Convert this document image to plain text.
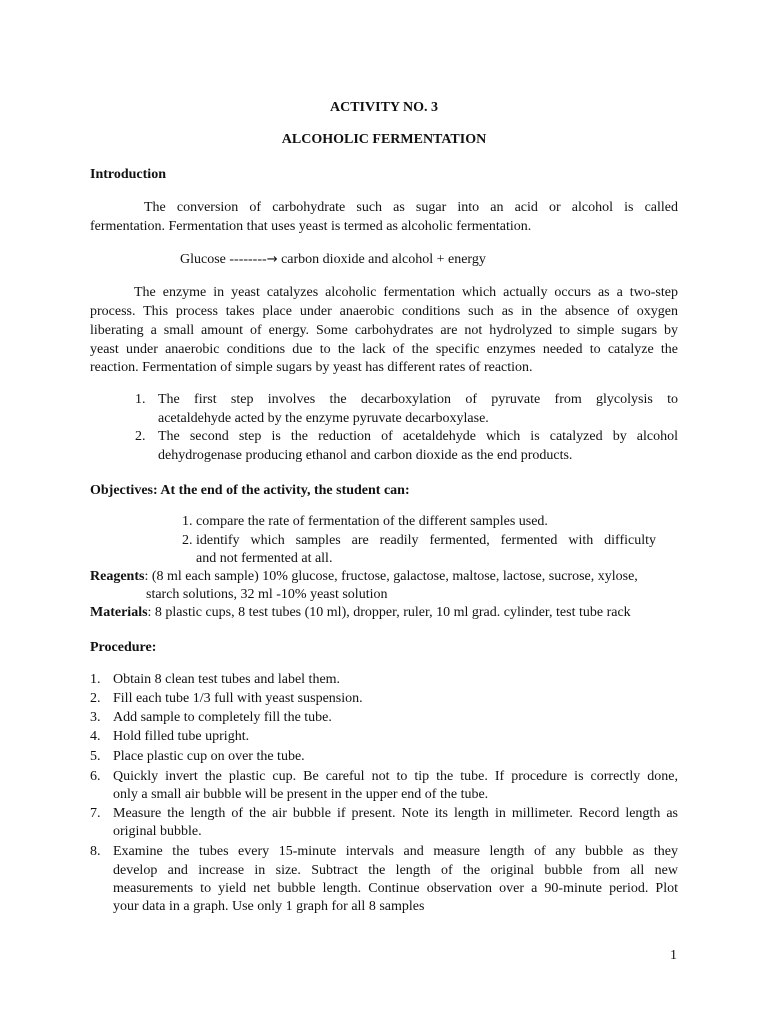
ACTIVITY NO. 3
ALCOHOLIC FERMENTATION
Introduction
The conversion of carbohydrate such as sugar into an acid or alcohol is called
fermentation. Fermentation that uses yeast is termed as alcoholic fermentation.
Glucose --------→ carbon dioxide and alcohol + energy
The enzyme in yeast catalyzes alcoholic fermentation which actually occurs as a two-step
process. This process takes place under anaerobic conditions such as in the absence of oxygen
liberating a small amount of energy. Some carbohydrates are not hydrolyzed to simple sugars by
yeast under anaerobic conditions due to the lack of the specific enzymes needed to catalyze the
reaction. Fermentation of simple sugars by yeast has different rates of reaction.
1. The first step involves the decarboxylation of pyruvate from glycolysis to
acetaldehyde acted by the enzyme pyruvate decarboxylase.
2. The second step is the reduction of acetaldehyde which is catalyzed by alcohol
dehydrogenase producing ethanol and carbon dioxide as the end products.
Objectives: At the end of the activity, the student can:
1. compare the rate of fermentation of the different samples used.
2. identify which samples are readily fermented, fermented with difficulty
and not fermented at all.
Reagents: (8 ml each sample) 10% glucose, fructose, galactose, maltose, lactose, sucrose, xylose,
starch solutions, 32 ml -10% yeast solution
Materials: 8 plastic cups, 8 test tubes (10 ml), dropper, ruler, 10 ml grad. cylinder, test tube rack
Procedure:
1. Obtain 8 clean test tubes and label them.
2. Fill each tube 1/3 full with yeast suspension.
3. Add sample to completely fill the tube.
4. Hold filled tube upright.
5. Place plastic cup on over the tube.
6. Quickly invert the plastic cup. Be careful not to tip the tube. If procedure is correctly done,
only a small air bubble will be present in the upper end of the tube.
7. Measure the length of the air bubble if present. Note its length in millimeter. Record length as
original bubble.
8. Examine the tubes every 15-minute intervals and measure length of any bubble as they
develop and increase in size. Subtract the length of the original bubble from all new
measurements to yield net bubble length. Continue observation over a 90-minute period. Plot
your data in a graph. Use only 1 graph for all 8 samples
1
